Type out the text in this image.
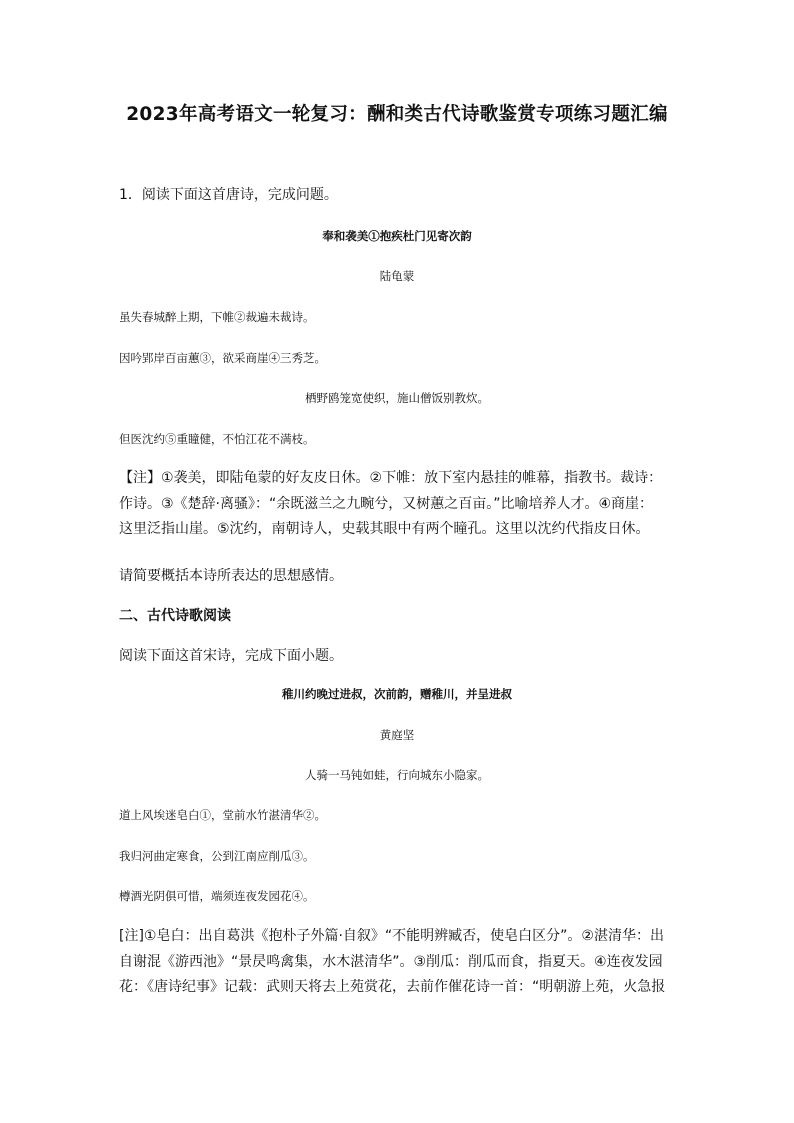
2023年高考语文一轮复习：酬和类古代诗歌鉴赏专项练习题汇编
1．阅读下面这首唐诗，完成问题。
奉和袭美①抱疾杜门见寄次韵
陆龟蒙
虽失春城醉上期，下帷②裁遍未裁诗。
因吟郢岸百亩蕙③，欲采商崖④三秀芝。
栖野鸥笼宽使织，施山僧饭别教炊。
但医沈约⑤重瞳健，不怕江花不满枝。
【注】①袭美，即陆龟蒙的好友皮日休。②下帷：放下室内悬挂的帷幕，指教书。裁诗：
作诗。③《楚辞·离骚》：“余既滋兰之九畹兮，又树蕙之百亩。”比喻培养人才。④商崖：
这里泛指山崖。⑤沈约，南朝诗人，史载其眼中有两个瞳孔。这里以沈约代指皮日休。
请简要概括本诗所表达的思想感情。
二、古代诗歌阅读
阅读下面这首宋诗，完成下面小题。
稚川约晚过进叔，次前韵，赠稚川，并呈进叔
黄庭坚
人骑一马钝如蛙，行向城东小隐家。
道上风埃迷皂白①，堂前水竹湛清华②。
我归河曲定寒食，公到江南应削瓜③。
樽酒光阴俱可惜，端须连夜发园花④。
[注]①皂白：出自葛洪《抱朴子外篇·自叙》“不能明辨臧否，使皂白区分”。②湛清华：出
自谢混《游西池》“景昃鸣禽集，水木湛清华”。③削瓜：削瓜而食，指夏天。④连夜发园
花：《唐诗纪事》记载：武则天将去上苑赏花，去前作催花诗一首：“明朝游上苑，火急报
